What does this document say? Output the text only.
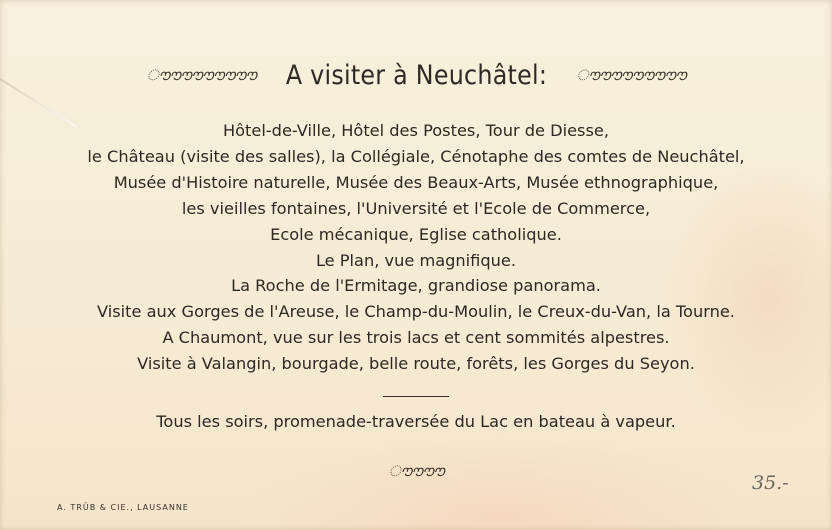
ൗൗൗൗൗൗൗൗൗ A visiter à Neuchâtel: ൗൗൗൗൗൗൗൗൗ
Hôtel-de-Ville, Hôtel des Postes, Tour de Diesse,
le Château (visite des salles), la Collégiale, Cénotaphe des comtes de Neuchâtel,
Musée d'Histoire naturelle, Musée des Beaux-Arts, Musée ethnographique,
les vieilles fontaines, l'Université et l'Ecole de Commerce,
Ecole mécanique, Eglise catholique.
Le Plan, vue magnifique.
La Roche de l'Ermitage, grandiose panorama.
Visite aux Gorges de l'Areuse, le Champ-du-Moulin, le Creux-du-Van, la Tourne.
A Chaumont, vue sur les trois lacs et cent sommités alpestres.
Visite à Valangin, bourgade, belle route, forêts, les Gorges du Seyon.
Tous les soirs, promenade-traversée du Lac en bateau à vapeur.
ൗൗൗൗ
A. TRÜB & CIE., LAUSANNE
35.-
